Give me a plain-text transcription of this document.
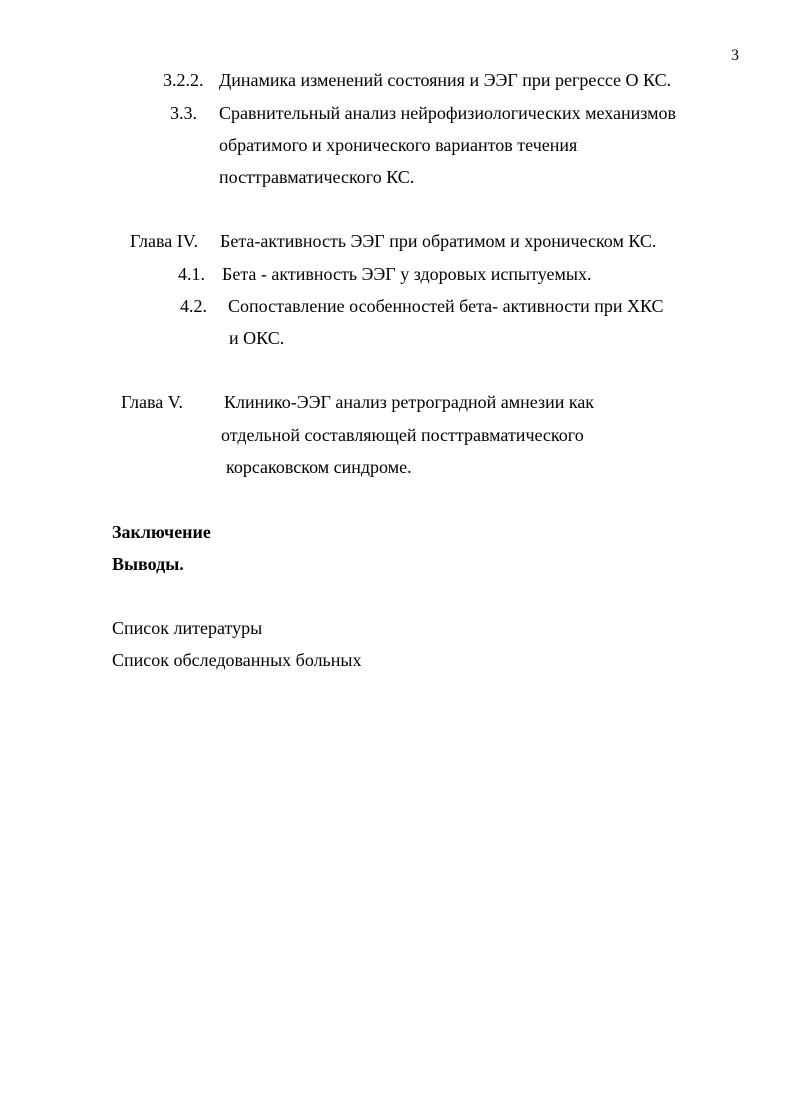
3
3.2.2. Динамика изменений состояния и ЭЭГ при регрессе О КС.
3.3. Сравнительный анализ нейрофизиологических механизмов
обратимого и хронического вариантов течения
посттравматического КС.
Глава IV. Бета-активность ЭЭГ при обратимом и хроническом КС.
4.1. Бета - активность ЭЭГ у здоровых испытуемых.
4.2. Сопоставление особенностей бета- активности при ХКС
и ОКС.
Глава V. Клинико-ЭЭГ анализ ретроградной амнезии как
отдельной составляющей посттравматического
корсаковском синдроме.
Заключение
Выводы.
Список литературы
Список обследованных больных
